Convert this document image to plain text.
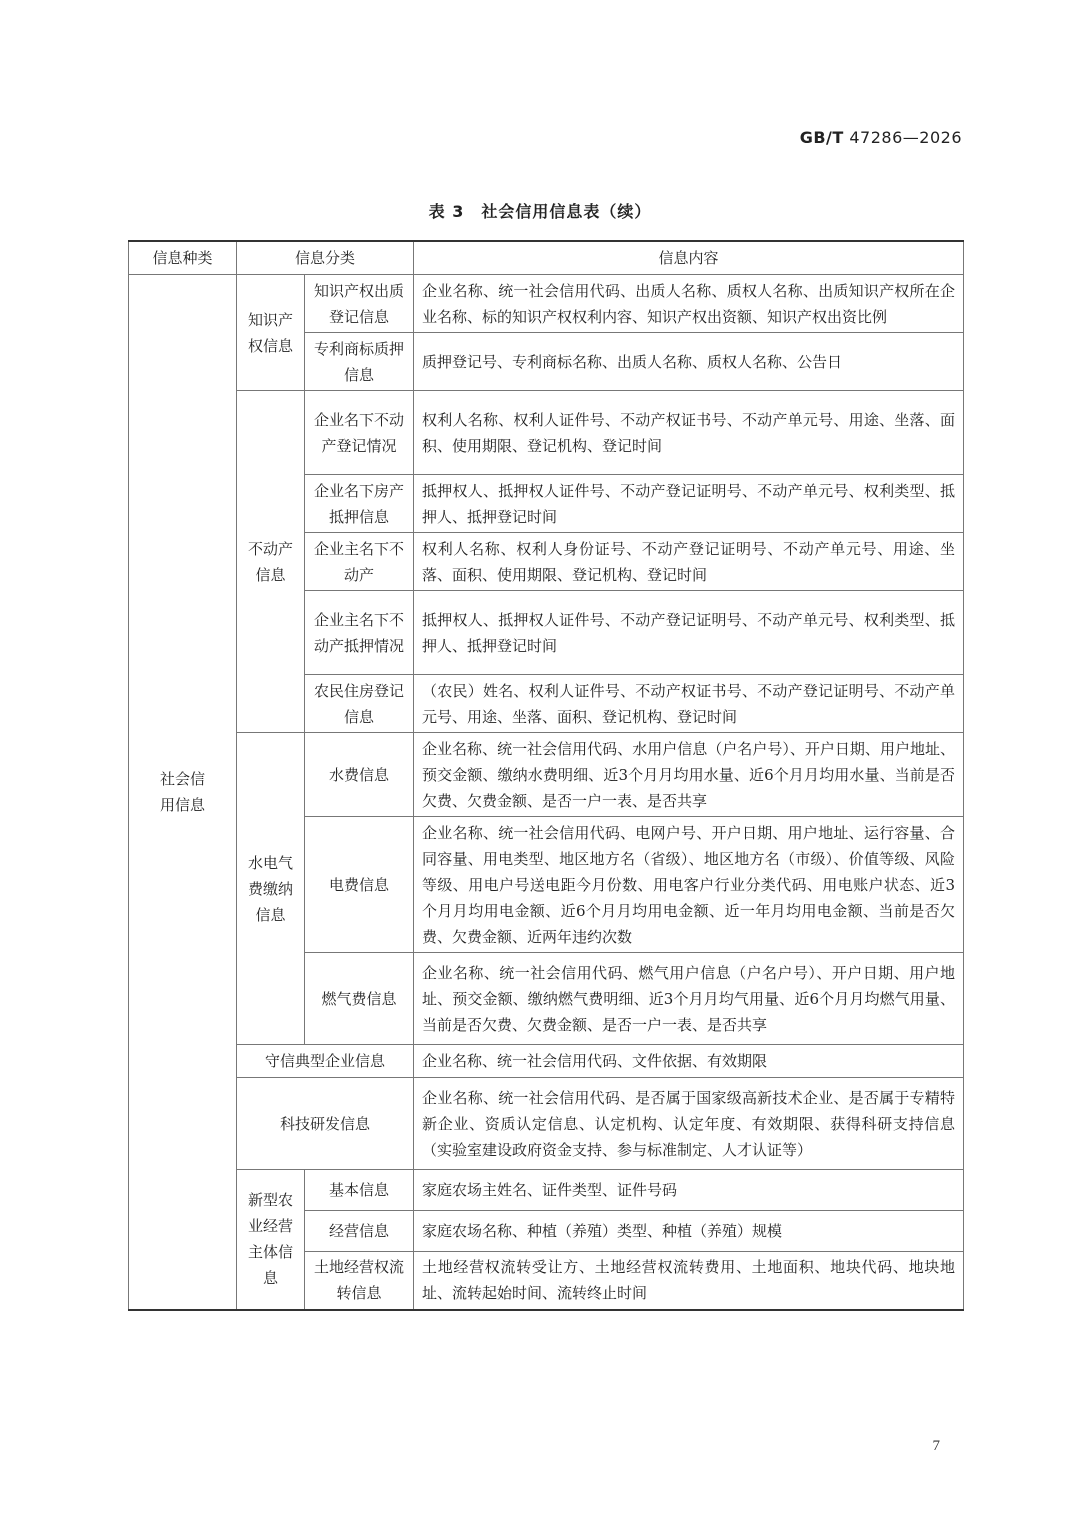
GB/T 47286—2026
表 3　社会信用信息表（续）
信息种类	信息分类		信息内容

社会信用信息	知识产权信息	知识产权出质登记信息	企业名称、统一社会信用代码、出质人名称、质权人名称、出质知识产权所在企业名称、标的知识产权权利内容、知识产权出资额、知识产权出资比例
		专利商标质押信息	质押登记号、专利商标名称、出质人名称、质权人名称、公告日

	不动产信息	企业名下不动产登记情况	权利人名称、权利人证件号、不动产权证书号、不动产单元号、用途、坐落、面积、使用期限、登记机构、登记时间
		企业名下房产抵押信息	抵押权人、抵押权人证件号、不动产登记证明号、不动产单元号、权利类型、抵押人、抵押登记时间
		企业主名下不动产	权利人名称、权利人身份证号、不动产登记证明号、不动产单元号、用途、坐落、面积、使用期限、登记机构、登记时间
		企业主名下不动产抵押情况	抵押权人、抵押权人证件号、不动产登记证明号、不动产单元号、权利类型、抵押人、抵押登记时间
		农民住房登记信息	（农民）姓名、权利人证件号、不动产权证书号、不动产登记证明号、不动产单元号、用途、坐落、面积、登记机构、登记时间

	水电气费缴纳信息	水费信息	企业名称、统一社会信用代码、水用户信息（户名户号）、开户日期、用户地址、预交金额、缴纳水费明细、近3个月月均用水量、近6个月月均用水量、当前是否欠费、欠费金额、是否一户一表、是否共享
		电费信息	企业名称、统一社会信用代码、电网户号、开户日期、用户地址、运行容量、合同容量、用电类型、地区地方名（省级）、地区地方名（市级）、价值等级、风险等级、用电户号送电距今月份数、用电客户行业分类代码、用电账户状态、近3个月月均用电金额、近6个月月均用电金额、近一年月均用电金额、当前是否欠费、欠费金额、近两年违约次数
		燃气费信息	企业名称、统一社会信用代码、燃气用户信息（户名户号）、开户日期、用户地址、预交金额、缴纳燃气费明细、近3个月月均气用量、近6个月月均燃气用量、当前是否欠费、欠费金额、是否一户一表、是否共享
	守信典型企业信息		企业名称、统一社会信用代码、文件依据、有效期限
	科技研发信息		企业名称、统一社会信用代码、是否属于国家级高新技术企业、是否属于专精特新企业、资质认定信息、认定机构、认定年度、有效期限、获得科研支持信息（实验室建设政府资金支持、参与标准制定、人才认证等）

	新型农业经营主体信息	基本信息	家庭农场主姓名、证件类型、证件号码
		经营信息	家庭农场名称、种植（养殖）类型、种植（养殖）规模
		土地经营权流转信息	土地经营权流转受让方、土地经营权流转费用、土地面积、地块代码、地块地址、流转起始时间、流转终止时间
7
